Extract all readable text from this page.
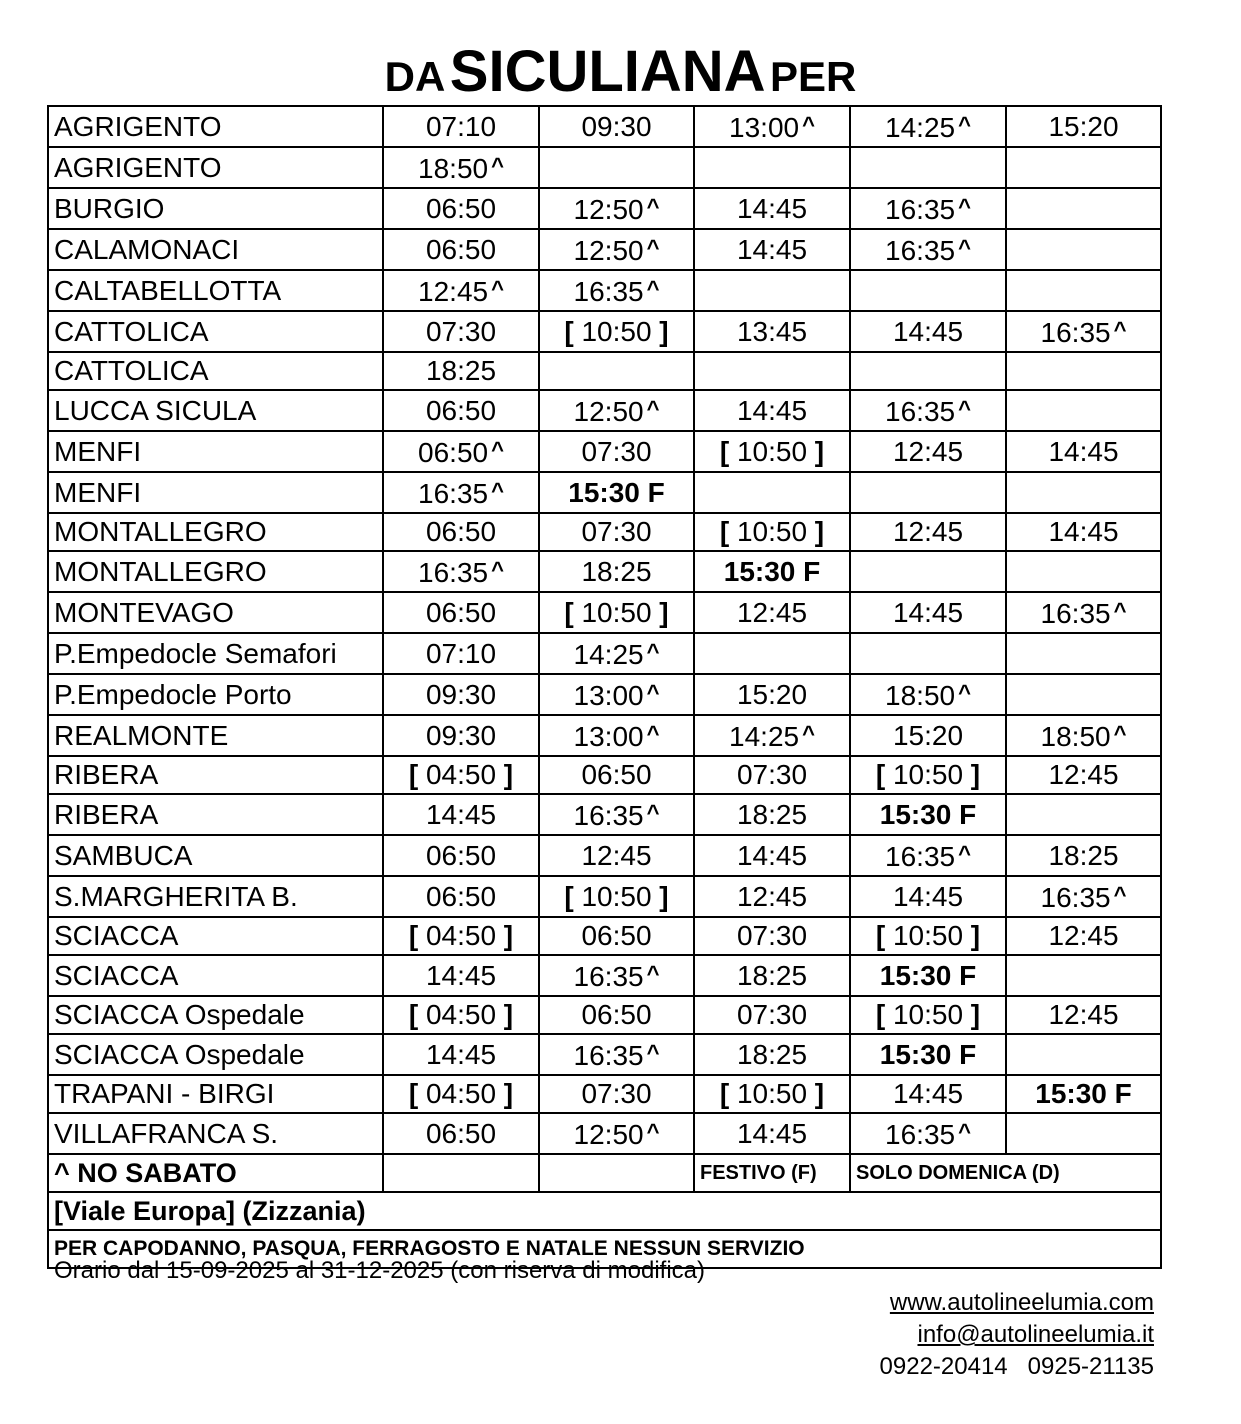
DA SICULIANA PER
AGRIGENTO	07:10	09:30	13:00 ^	14:25 ^	15:20
AGRIGENTO	18:50 ^				
BURGIO	06:50	12:50 ^	14:45	16:35 ^	
CALAMONACI	06:50	12:50 ^	14:45	16:35 ^	
CALTABELLOTTA	12:45 ^	16:35 ^			
CATTOLICA	07:30	[ 10:50 ]	13:45	14:45	16:35 ^
CATTOLICA	18:25				
LUCCA SICULA	06:50	12:50 ^	14:45	16:35 ^	
MENFI	06:50 ^	07:30	[ 10:50 ]	12:45	14:45
MENFI	16:35 ^	15:30 F			
MONTALLEGRO	06:50	07:30	[ 10:50 ]	12:45	14:45
MONTALLEGRO	16:35 ^	18:25	15:30 F		
MONTEVAGO	06:50	[ 10:50 ]	12:45	14:45	16:35 ^
P.Empedocle Semafori	07:10	14:25 ^			
P.Empedocle Porto	09:30	13:00 ^	15:20	18:50 ^	
REALMONTE	09:30	13:00 ^	14:25 ^	15:20	18:50 ^
RIBERA	[ 04:50 ]	06:50	07:30	[ 10:50 ]	12:45
RIBERA	14:45	16:35 ^	18:25	15:30 F	
SAMBUCA	06:50	12:45	14:45	16:35 ^	18:25
S.MARGHERITA B.	06:50	[ 10:50 ]	12:45	14:45	16:35 ^
SCIACCA	[ 04:50 ]	06:50	07:30	[ 10:50 ]	12:45
SCIACCA	14:45	16:35 ^	18:25	15:30 F	
SCIACCA Ospedale	[ 04:50 ]	06:50	07:30	[ 10:50 ]	12:45
SCIACCA Ospedale	14:45	16:35 ^	18:25	15:30 F	
TRAPANI - BIRGI	[ 04:50 ]	07:30	[ 10:50 ]	14:45	15:30 F
VILLAFRANCA S.	06:50	12:50 ^	14:45	16:35 ^	
^ NO SABATO			FESTIVO (F)	SOLO DOMENICA (D)	
[Viale Europa] (Zizzania)					
PER CAPODANNO, PASQUA, FERRAGOSTO E NATALE NESSUN SERVIZIO					
Orario dal 15-09-2025 al 31-12-2025 (con riserva di modifica)
www.autolineelumia.com
info@autolineelumia.it
0922-20414   0925-21135
